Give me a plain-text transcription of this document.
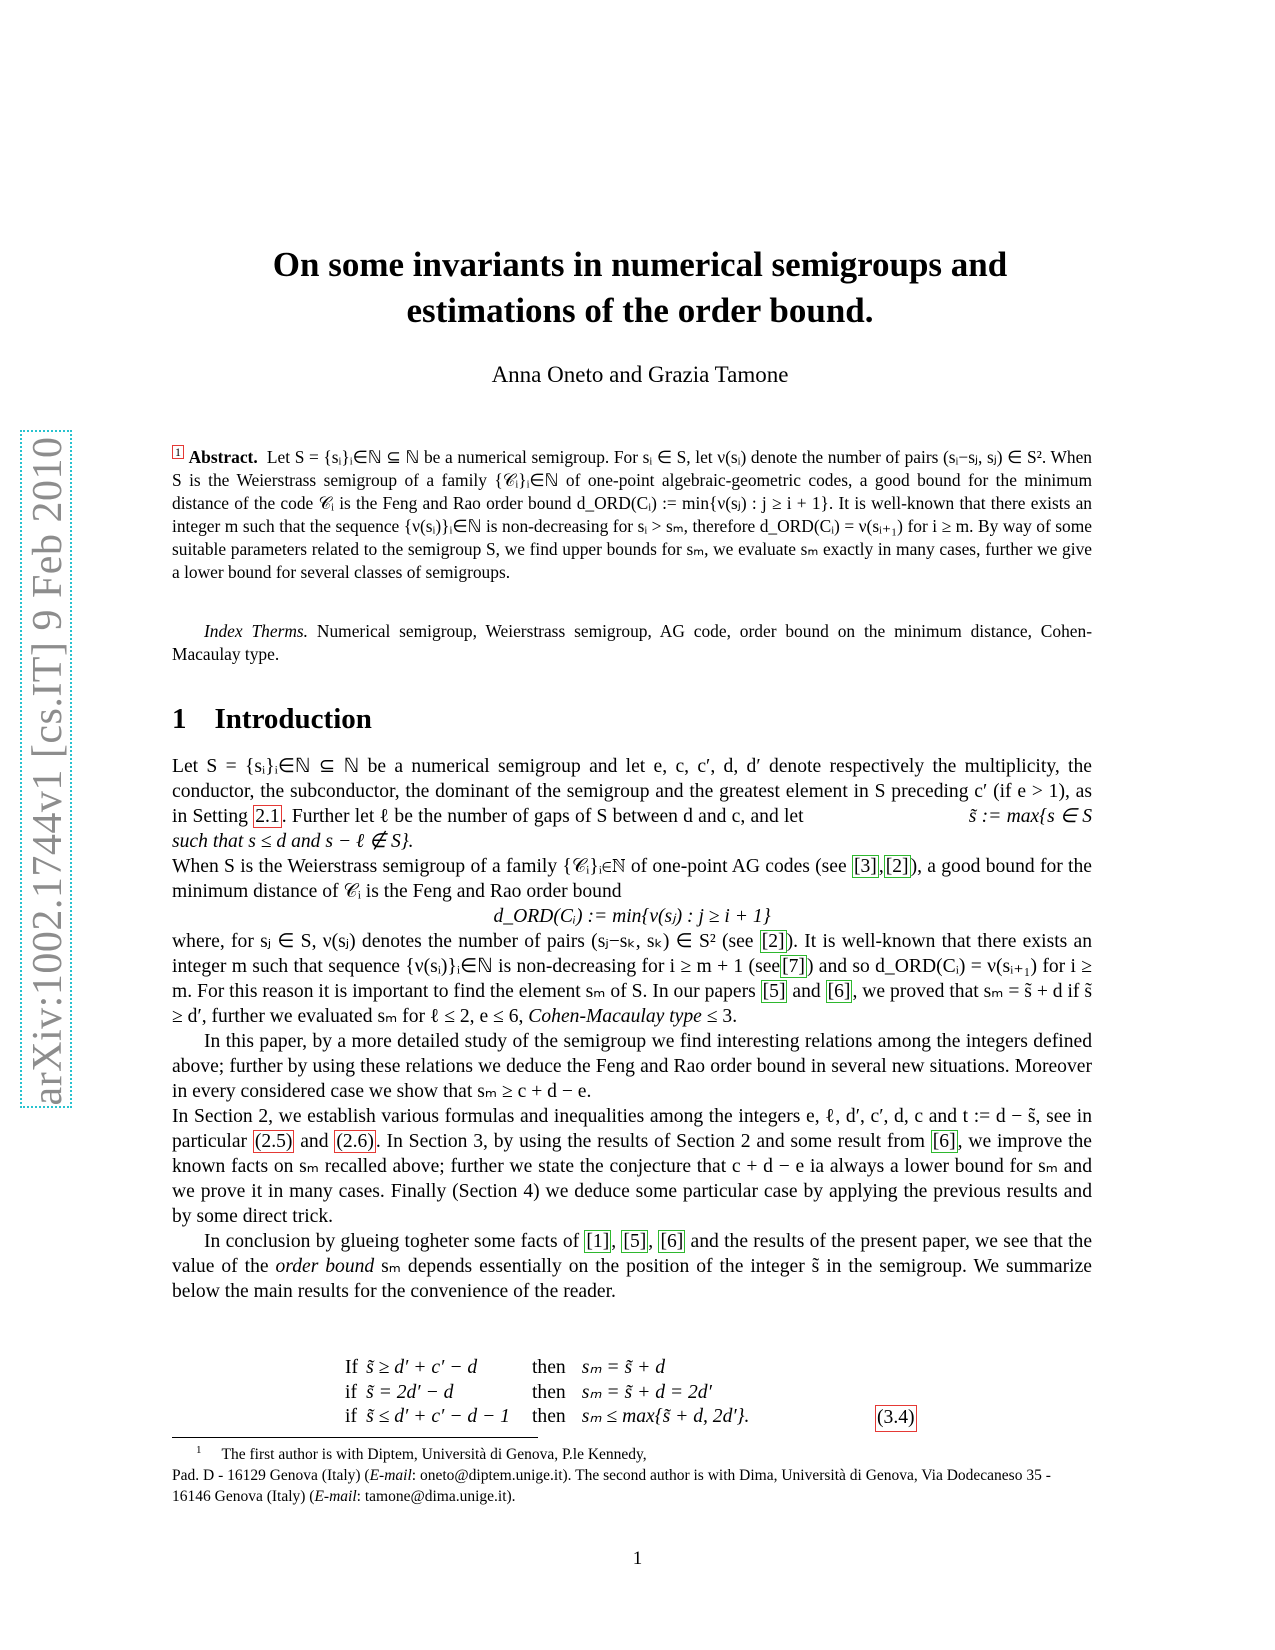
arXiv:1002.1744v1 [cs.IT] 9 Feb 2010
On some invariants in numerical semigroups and
estimations of the order bound.
Anna Oneto and Grazia Tamone
1 Abstract. Let S = {sᵢ}ᵢ∈ℕ ⊆ ℕ be a numerical semigroup. For sᵢ ∈ S, let ν(sᵢ) denote the number of pairs (sᵢ−sⱼ, sⱼ) ∈ S². When S is the Weierstrass semigroup of a family {𝒞ᵢ}ᵢ∈ℕ of one-point algebraic-geometric codes, a good bound for the minimum distance of the code 𝒞ᵢ is the Feng and Rao order bound d_ORD(Cᵢ) := min{ν(sⱼ) : j ≥ i + 1}. It is well-known that there exists an integer m such that the sequence {ν(sᵢ)}ᵢ∈ℕ is non-decreasing for sᵢ > sₘ, therefore d_ORD(Cᵢ) = ν(sᵢ₊₁) for i ≥ m. By way of some suitable parameters related to the semigroup S, we find upper bounds for sₘ, we evaluate sₘ exactly in many cases, further we give a lower bound for several classes of semigroups.
Index Therms. Numerical semigroup, Weierstrass semigroup, AG code, order bound on the minimum distance, Cohen-Macaulay type.
1 Introduction

Let S = {sᵢ}ᵢ∈ℕ ⊆ ℕ be a numerical semigroup and let e, c, c′, d, d′ denote respectively the multiplicity, the conductor, the subconductor, the dominant of the semigroup and the greatest element in S preceding c′ (if e > 1), as in Setting 2.1 . Further let ℓ be the number of gaps of S between d and c, and let	s̃ := max{s ∈ S such that s ≤ d and s − ℓ ∉ S}.

When S is the Weierstrass semigroup of a family {𝒞ᵢ}ᵢ∈ℕ of one-point AG codes (see [3] , [2] ), a good bound for the minimum distance of 𝒞ᵢ is the Feng and Rao order bound

d_ORD(Cᵢ) := min{ν(sⱼ) : j ≥ i + 1}

where, for sⱼ ∈ S, ν(sⱼ) denotes the number of pairs (sⱼ−sₖ, sₖ) ∈ S² (see [2] ). It is well-known that there exists an integer m such that sequence {ν(sᵢ)}ᵢ∈ℕ is non-decreasing for i ≥ m + 1 (see [7] ) and so d_ORD(Cᵢ) = ν(sᵢ₊₁) for i ≥ m. For this reason it is important to find the element sₘ of S. In our papers [5] and [6] , we proved that sₘ = s̃ + d if s̃ ≥ d′, further we evaluated sₘ for ℓ ≤ 2, e ≤ 6, Cohen-Macaulay type ≤ 3.

In this paper, by a more detailed study of the semigroup we find interesting relations among the integers defined above; further by using these relations we deduce the Feng and Rao order bound in several new situations. Moreover in every considered case we show that sₘ ≥ c + d − e.

In Section 2, we establish various formulas and inequalities among the integers e, ℓ, d′, c′, d, c and t := d − s̃, see in particular (2.5) and (2.6) . In Section 3, by using the results of Section 2 and some result from [6] , we improve the known facts on sₘ recalled above; further we state the conjecture that c + d − e ia always a lower bound for sₘ and we prove it in many cases. Finally (Section 4) we deduce some particular case by applying the previous results and by some direct trick.

In conclusion by glueing togheter some facts of [1] , [5] , [6] and the results of the present paper, we see that the value of the order bound sₘ depends essentially on the position of the integer s̃ in the semigroup. We summarize below the main results for the convenience of the reader.

If	s̃ ≥ d′ + c′ − d	then	sₘ = s̃ + d
if	s̃ = 2d′ − d	then	sₘ = s̃ + d = 2d′
if	s̃ ≤ d′ + c′ − d − 1	then	sₘ ≤ max{s̃ + d, 2d′}.	(3.4)
$^1$ The first author is with Diptem, Università di Genova, P.le Kennedy,
Pad. D - 16129 Genova (Italy) (E-mail: oneto@diptem.unige.it). The second author is with Dima, Università di Genova, Via Dodecaneso 35 - 16146 Genova (Italy) (E-mail: tamone@dima.unige.it).
1
